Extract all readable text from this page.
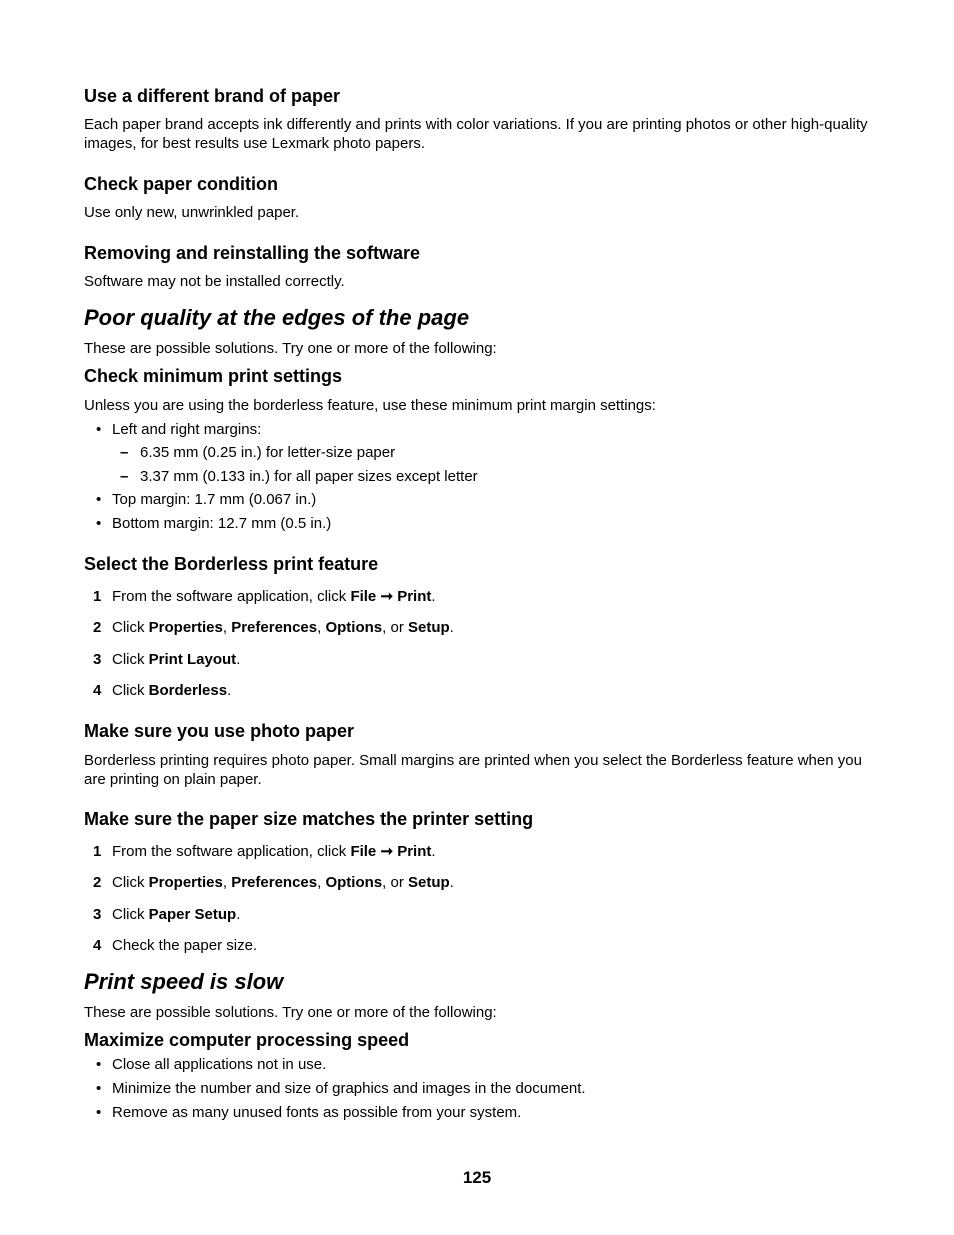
Use a different brand of paper

Each paper brand accepts ink differently and prints with color variations. If you are printing photos or other high-quality images, for best results use Lexmark photo papers.

Check paper condition

Use only new, unwrinkled paper.

Removing and reinstalling the software

Software may not be installed correctly.

Poor quality at the edges of the page

These are possible solutions. Try one or more of the following:

Check minimum print settings

Unless you are using the borderless feature, use these minimum print margin settings:

• Left and right margins:
– 6.35 mm (0.25 in.) for letter-size paper
– 3.37 mm (0.133 in.) for all paper sizes except letter
• Top margin: 1.7 mm (0.067 in.)
• Bottom margin: 12.7 mm (0.5 in.)
Select the Borderless print feature
1 From the software application, click File ➞ Print.
2 Click Properties, Preferences, Options, or Setup.
3 Click Print Layout.
4 Click Borderless.
Make sure you use photo paper

Borderless printing requires photo paper. Small margins are printed when you select the Borderless feature when you are printing on plain paper.

Make sure the paper size matches the printer setting
1 From the software application, click File ➞ Print.
2 Click Properties, Preferences, Options, or Setup.
3 Click Paper Setup.
4 Check the paper size.
Print speed is slow

These are possible solutions. Try one or more of the following:

Maximize computer processing speed
• Close all applications not in use.
• Minimize the number and size of graphics and images in the document.
• Remove as many unused fonts as possible from your system.
125
